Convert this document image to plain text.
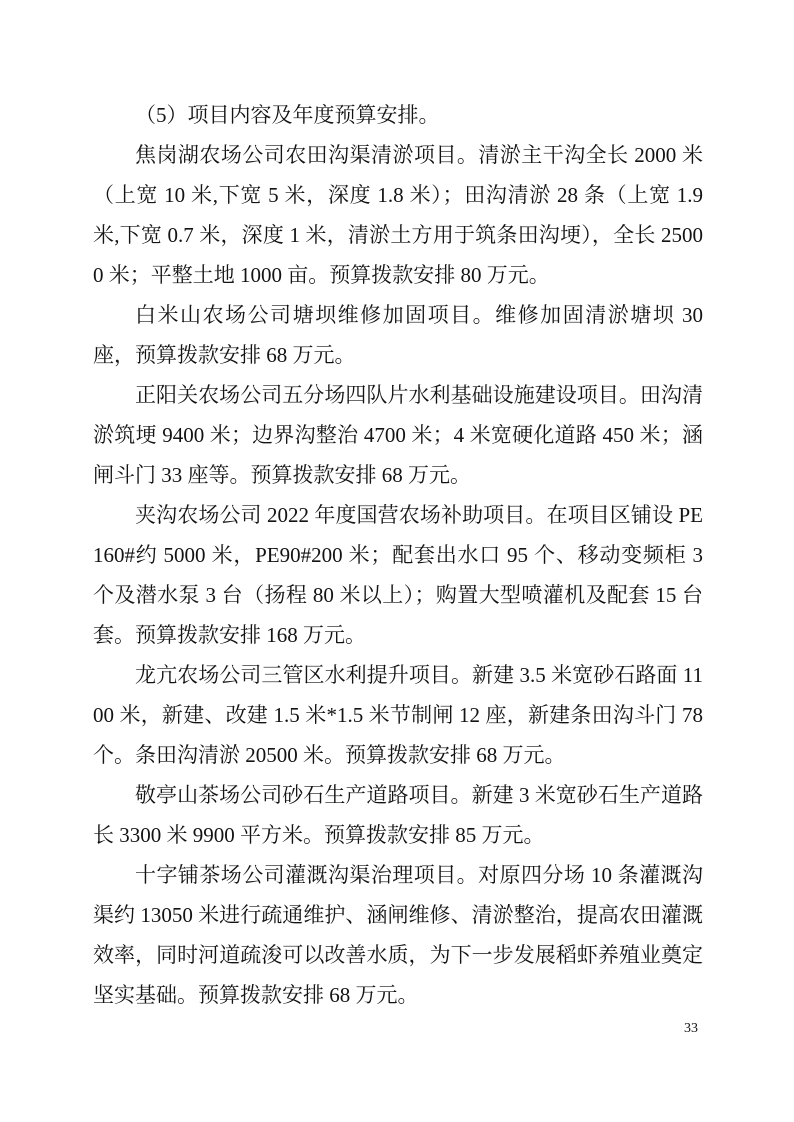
（5）项目内容及年度预算安排。

焦岗湖农场公司农田沟渠清淤项目。清淤主干沟全长 2000 米（上宽 10 米,下宽 5 米，深度 1.8 米）；田沟清淤 28 条（上宽 1.9 米,下宽 0.7 米，深度 1 米，清淤土方用于筑条田沟埂），全长 25000 米；平整土地 1000 亩。预算拨款安排 80 万元。

白米山农场公司塘坝维修加固项目。维修加固清淤塘坝 30 座，预算拨款安排 68 万元。

正阳关农场公司五分场四队片水利基础设施建设项目。田沟清淤筑埂 9400 米；边界沟整治 4700 米；4 米宽硬化道路 450 米；涵闸斗门 33 座等。预算拨款安排 68 万元。

夹沟农场公司 2022 年度国营农场补助项目。在项目区铺设 PE160#约 5000 米，PE90#200 米；配套出水口 95 个、移动变频柜 3 个及潜水泵 3 台（扬程 80 米以上）；购置大型喷灌机及配套 15 台套。预算拨款安排 168 万元。

龙亢农场公司三管区水利提升项目。新建 3.5 米宽砂石路面 1100 米，新建、改建 1.5 米*1.5 米节制闸 12 座，新建条田沟斗门 78 个。条田沟清淤 20500 米。预算拨款安排 68 万元。

敬亭山茶场公司砂石生产道路项目。新建 3 米宽砂石生产道路长 3300 米 9900 平方米。预算拨款安排 85 万元。

十字铺茶场公司灌溉沟渠治理项目。对原四分场 10 条灌溉沟渠约 13050 米进行疏通维护、涵闸维修、清淤整治，提高农田灌溉效率，同时河道疏浚可以改善水质，为下一步发展稻虾养殖业奠定坚实基础。预算拨款安排 68 万元。

33
